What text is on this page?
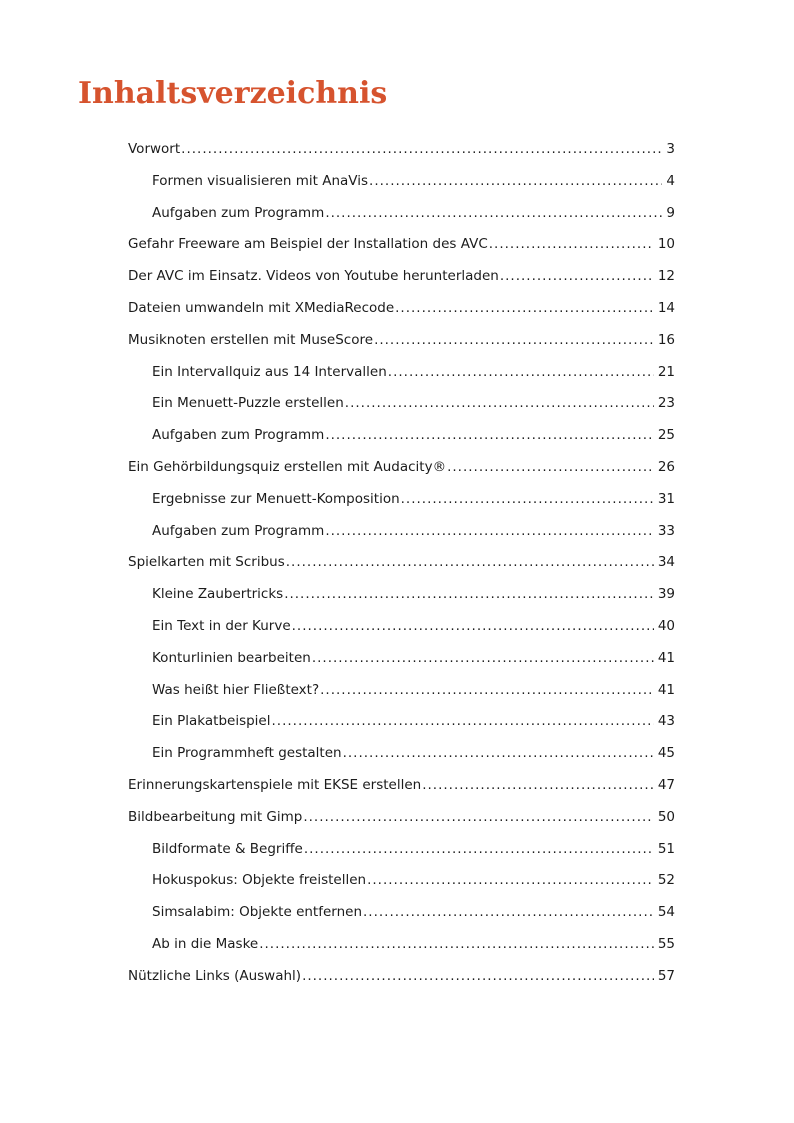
Inhaltsverzeichnis
Vorwort .....	3
Formen visualisieren mit AnaVis .....	4
Aufgaben zum Programm .....	9
Gefahr Freeware am Beispiel der Installation des AVC .....	10
Der AVC im Einsatz. Videos von Youtube herunterladen .....	12
Dateien umwandeln mit XMediaRecode .....	14
Musiknoten erstellen mit MuseScore .....	16
Ein Intervallquiz aus 14 Intervallen .....	21
Ein Menuett-Puzzle erstellen .....	23
Aufgaben zum Programm .....	25
Ein Gehörbildungsquiz erstellen mit Audacity® .....	26
Ergebnisse zur Menuett-Komposition .....	31
Aufgaben zum Programm .....	33
Spielkarten mit Scribus .....	34
Kleine Zaubertricks .....	39
Ein Text in der Kurve .....	40
Konturlinien bearbeiten .....	41
Was heißt hier Fließtext? .....	41
Ein Plakatbeispiel .....	43
Ein Programmheft gestalten .....	45
Erinnerungskartenspiele mit EKSE erstellen .....	47
Bildbearbeitung mit Gimp .....	50
Bildformate & Begriffe .....	51
Hokuspokus: Objekte freistellen .....	52
Simsalabim: Objekte entfernen .....	54
Ab in die Maske .....	55
Nützliche Links (Auswahl) .....	57
